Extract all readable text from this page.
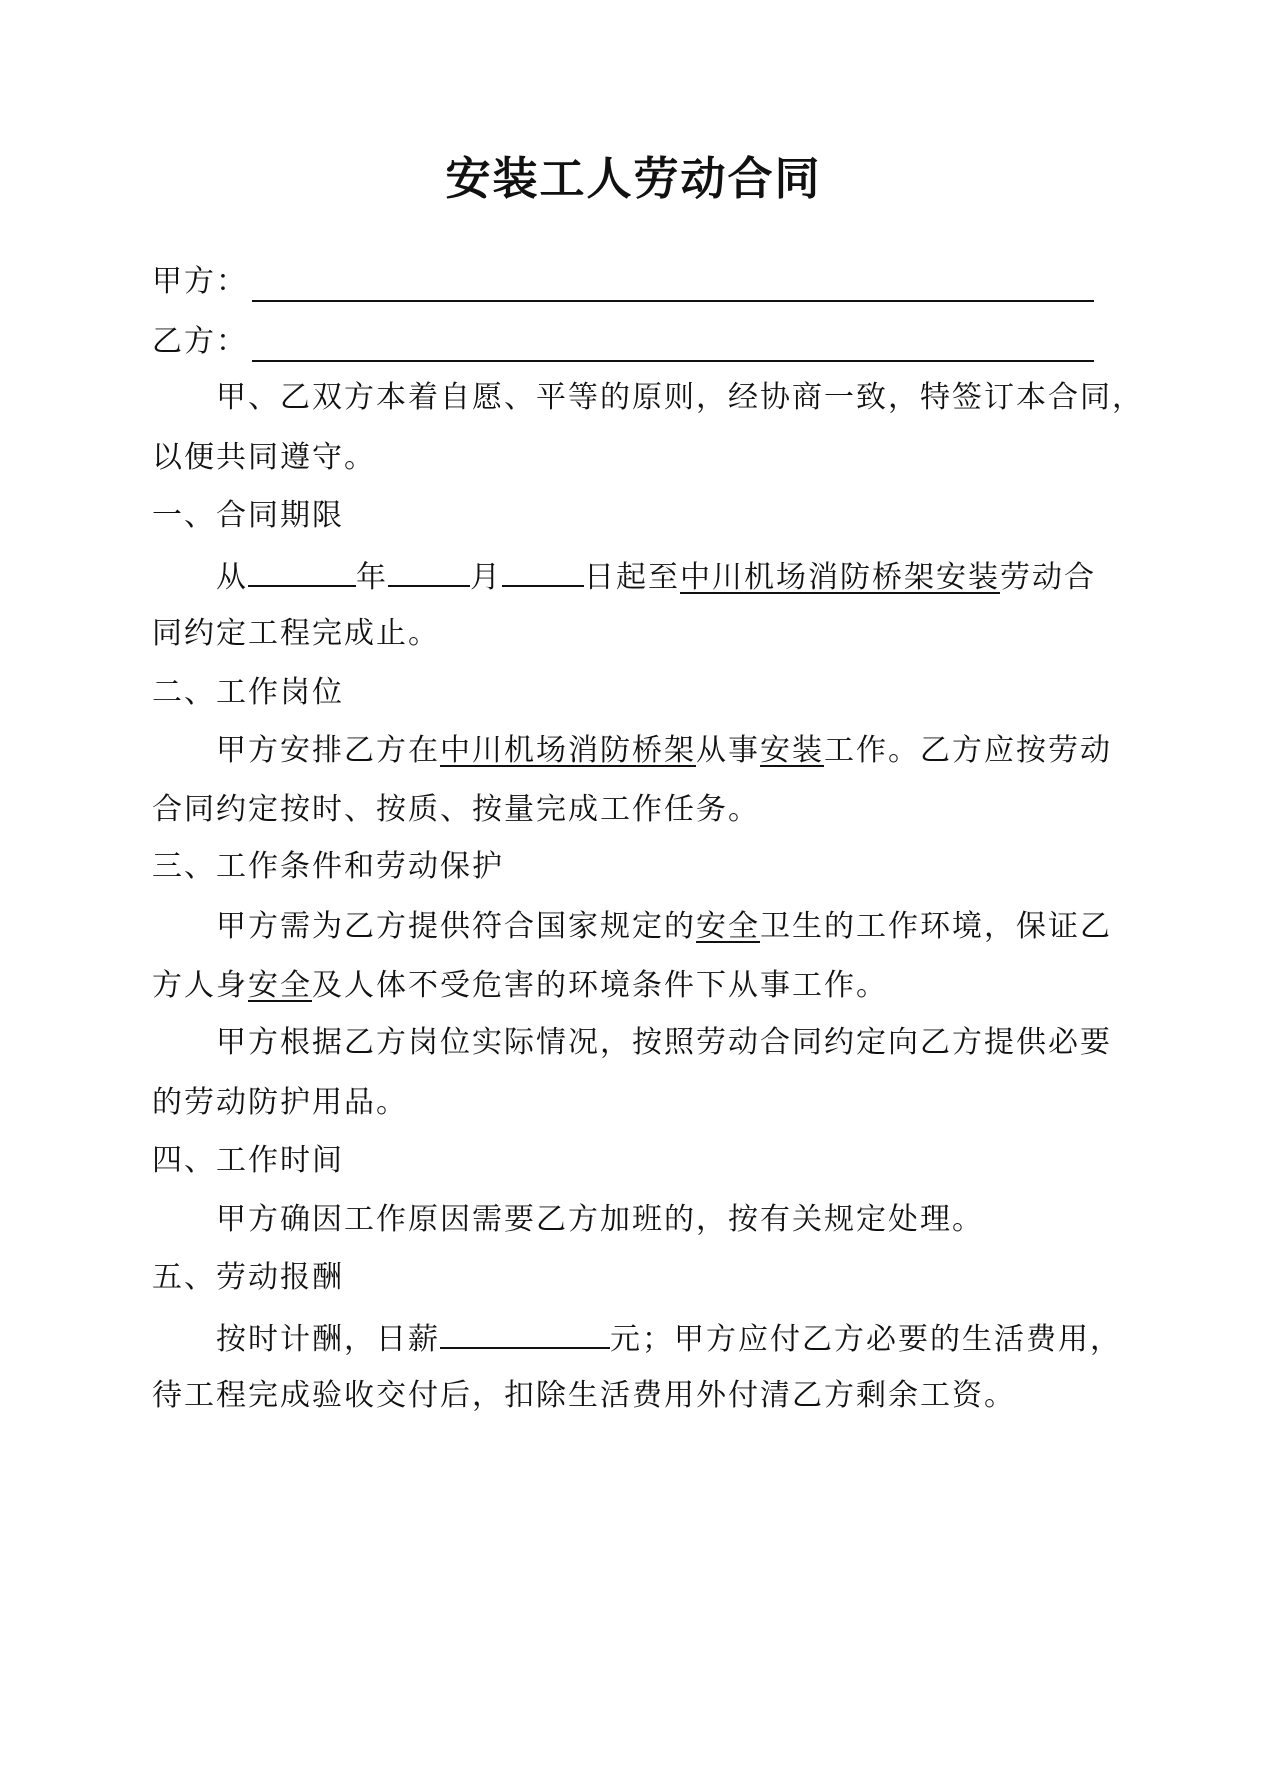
安装工人劳动合同
甲方：
乙方：
甲、乙双方本着自愿、平等的原则，经协商一致，特签订本合同，
以便共同遵守。
一、合同期限
从	年	月	日起至中川机场消防桥架安装劳动合
同约定工程完成止。
二、工作岗位
甲方安排乙方在中川机场消防桥架从事安装工作。乙方应按劳动
合同约定按时、按质、按量完成工作任务。
三、工作条件和劳动保护
甲方需为乙方提供符合国家规定的安全卫生的工作环境，保证乙
方人身安全及人体不受危害的环境条件下从事工作。
甲方根据乙方岗位实际情况，按照劳动合同约定向乙方提供必要
的劳动防护用品。
四、工作时间
甲方确因工作原因需要乙方加班的，按有关规定处理。
五、劳动报酬
按时计酬，日薪	元；甲方应付乙方必要的生活费用，
待工程完成验收交付后，扣除生活费用外付清乙方剩余工资。
